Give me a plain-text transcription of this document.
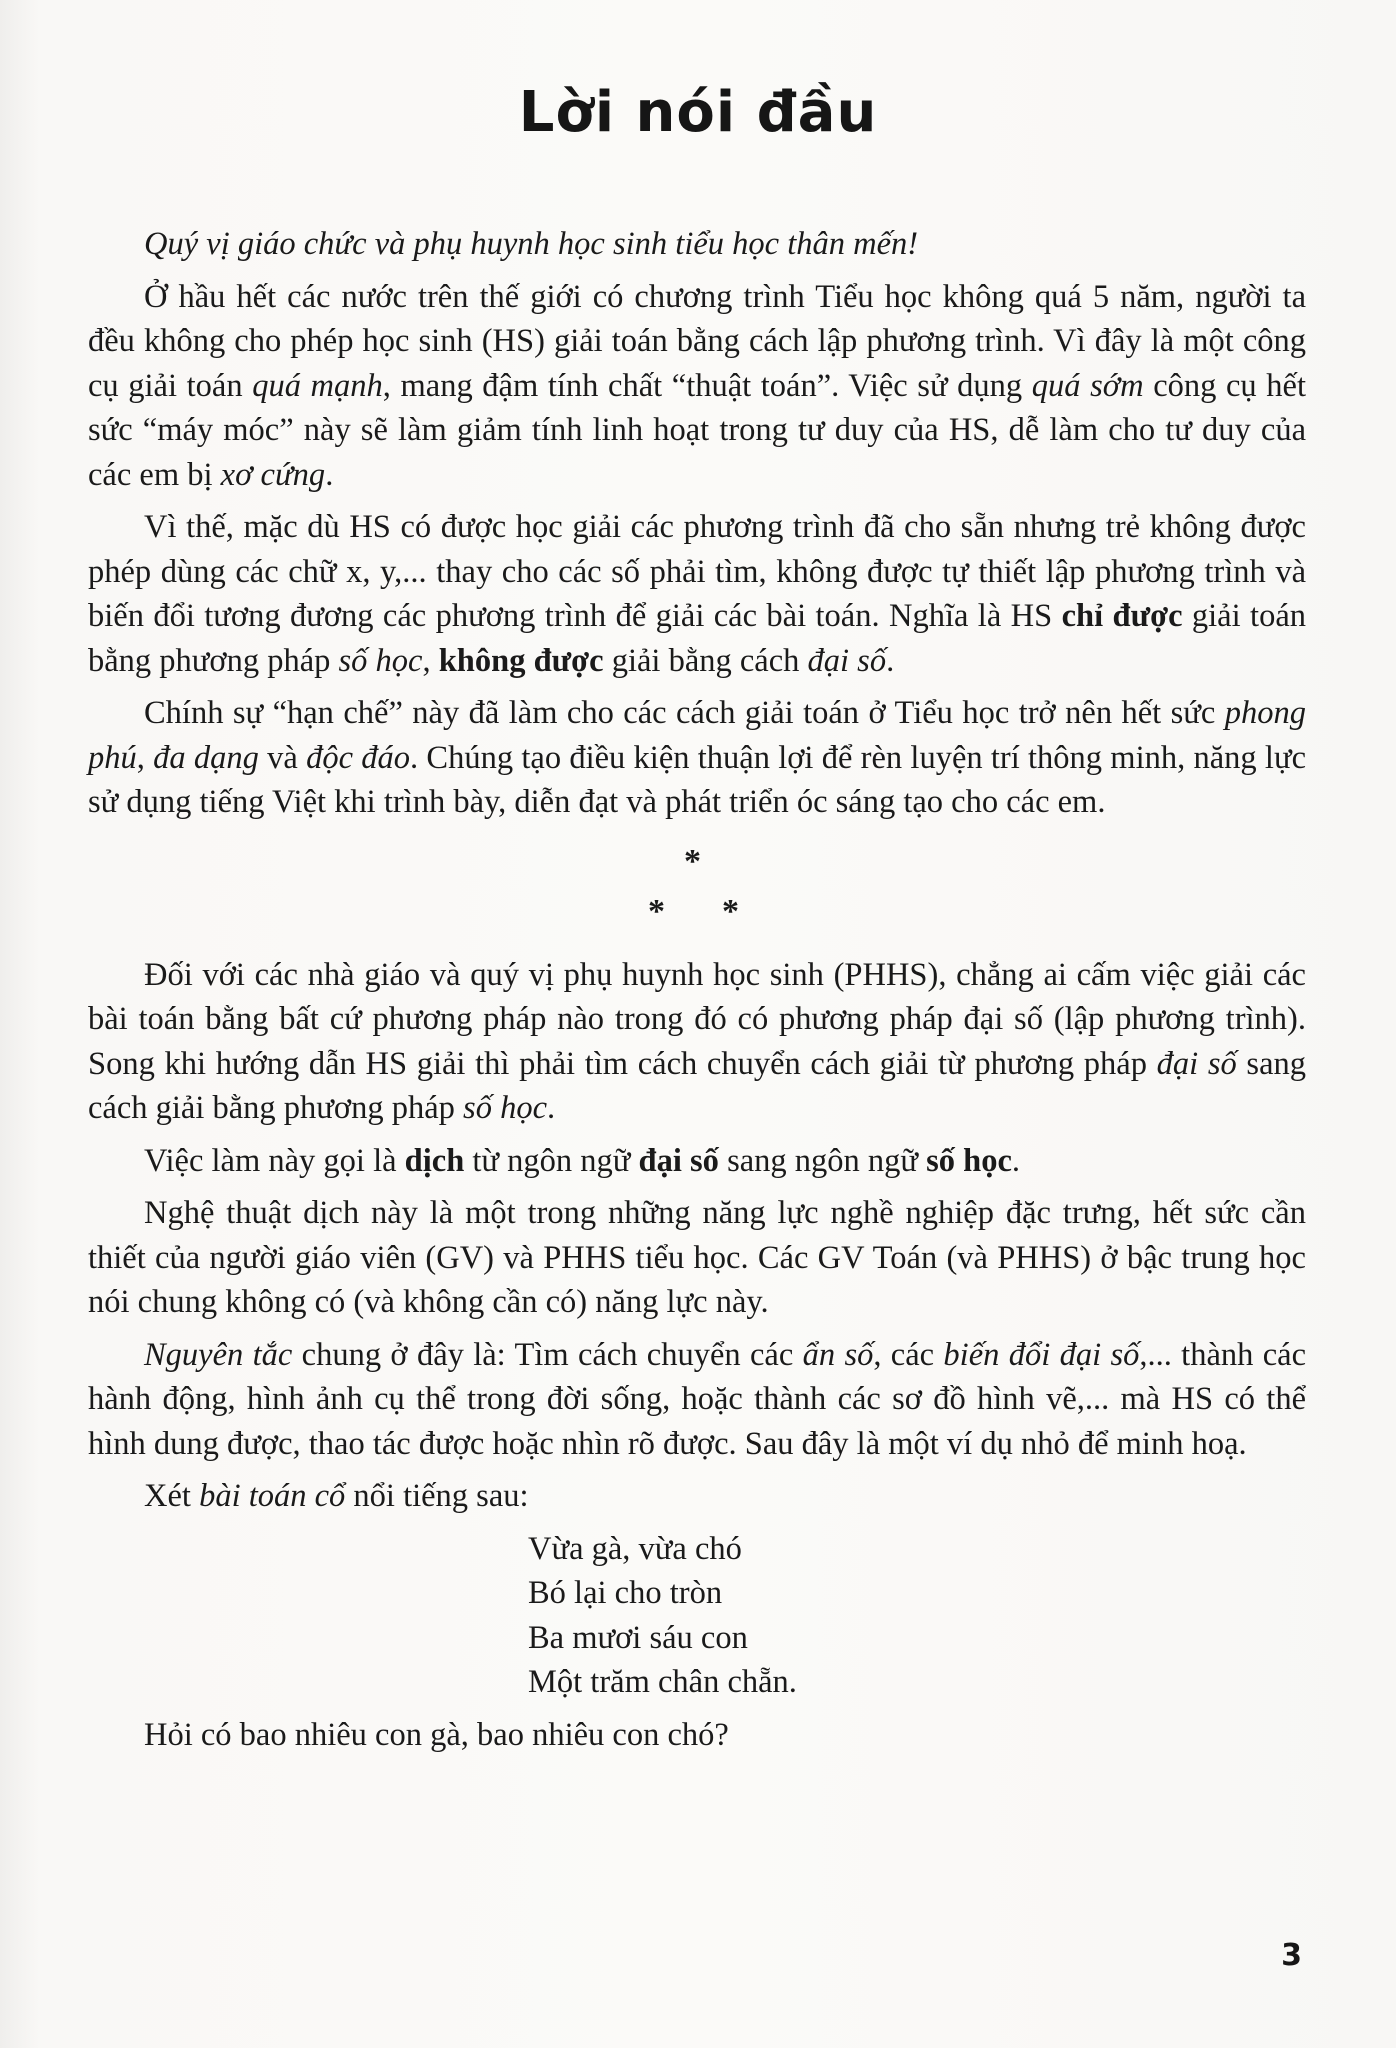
Lời nói đầu

Quý vị giáo chức và phụ huynh học sinh tiểu học thân mến!

Ở hầu hết các nước trên thế giới có chương trình Tiểu học không quá 5 năm, người ta đều không cho phép học sinh (HS) giải toán bằng cách lập phương trình. Vì đây là một công cụ giải toán quá mạnh, mang đậm tính chất “thuật toán”. Việc sử dụng quá sớm công cụ hết sức “máy móc” này sẽ làm giảm tính linh hoạt trong tư duy của HS, dễ làm cho tư duy của các em bị xơ cứng.

Vì thế, mặc dù HS có được học giải các phương trình đã cho sẵn nhưng trẻ không được phép dùng các chữ x, y,... thay cho các số phải tìm, không được tự thiết lập phương trình và biến đổi tương đương các phương trình để giải các bài toán. Nghĩa là HS chỉ được giải toán bằng phương pháp số học, không được giải bằng cách đại số.

Chính sự “hạn chế” này đã làm cho các cách giải toán ở Tiểu học trở nên hết sức phong phú, đa dạng và độc đáo. Chúng tạo điều kiện thuận lợi để rèn luyện trí thông minh, năng lực sử dụng tiếng Việt khi trình bày, diễn đạt và phát triển óc sáng tạo cho các em.

*
* *

Đối với các nhà giáo và quý vị phụ huynh học sinh (PHHS), chẳng ai cấm việc giải các bài toán bằng bất cứ phương pháp nào trong đó có phương pháp đại số (lập phương trình). Song khi hướng dẫn HS giải thì phải tìm cách chuyển cách giải từ phương pháp đại số sang cách giải bằng phương pháp số học.

Việc làm này gọi là dịch từ ngôn ngữ đại số sang ngôn ngữ số học.

Nghệ thuật dịch này là một trong những năng lực nghề nghiệp đặc trưng, hết sức cần thiết của người giáo viên (GV) và PHHS tiểu học. Các GV Toán (và PHHS) ở bậc trung học nói chung không có (và không cần có) năng lực này.

Nguyên tắc chung ở đây là: Tìm cách chuyển các ẩn số, các biến đổi đại số,... thành các hành động, hình ảnh cụ thể trong đời sống, hoặc thành các sơ đồ hình vẽ,... mà HS có thể hình dung được, thao tác được hoặc nhìn rõ được. Sau đây là một ví dụ nhỏ để minh hoạ.

Xét bài toán cổ nổi tiếng sau:

Vừa gà, vừa chó
Bó lại cho tròn
Ba mươi sáu con
Một trăm chân chẵn.

Hỏi có bao nhiêu con gà, bao nhiêu con chó?

3
